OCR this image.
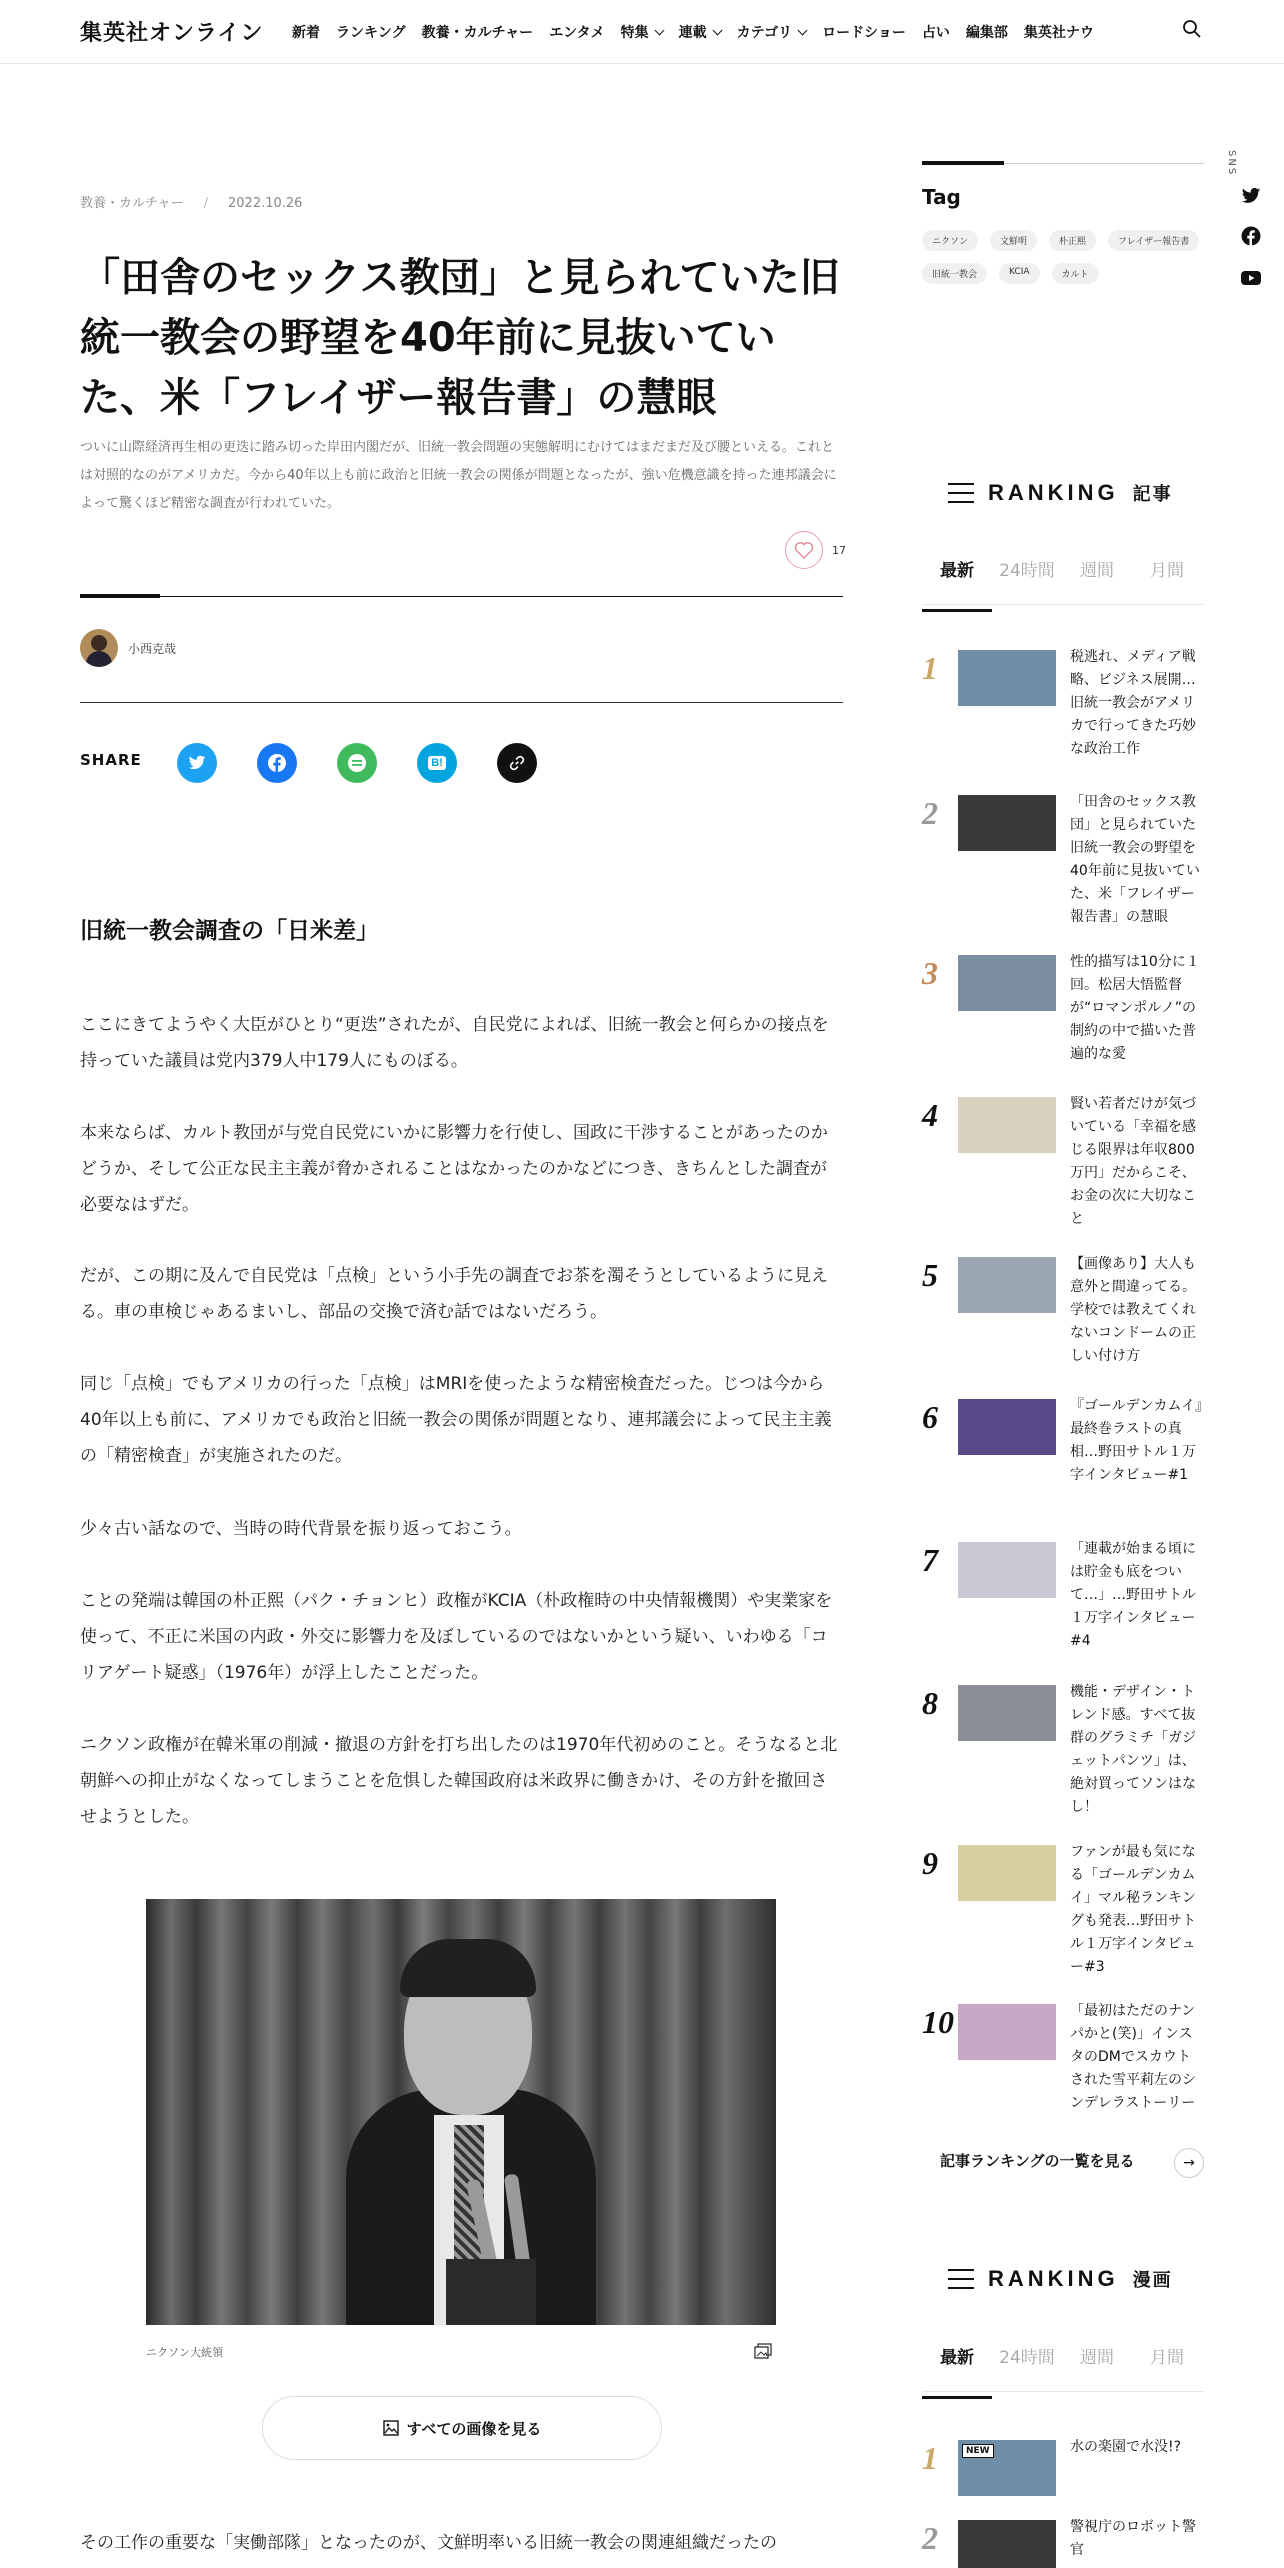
集英社オンライン 新着 ランキング 教養・カルチャー エンタメ 特集 連載 カテゴリ ロードショー 占い 編集部 集英社ナウ
教養・カルチャー / 2022.10.26
「田舎のセックス教団」と見られていた旧統一教会の野望を40年前に見抜いていた、米「フレイザー報告書」の慧眼

ついに山際経済再生相の更迭に踏み切った岸田内閣だが、旧統一教会問題の実態解明にむけてはまだまだ及び腰といえる。これとは対照的なのがアメリカだ。今から40年以上も前に政治と旧統一教会の関係が問題となったが、強い危機意識を持った連邦議会によって驚くほど精密な調査が行われていた。

17
小西克哉
SHARE	B!
旧統一教会調査の「日米差」

ここにきてようやく大臣がひとり“更迭”されたが、自民党によれば、旧統一教会と何らかの接点を持っていた議員は党内379人中179人にものぼる。

本来ならば、カルト教団が与党自民党にいかに影響力を行使し、国政に干渉することがあったのかどうか、そして公正な民主主義が脅かされることはなかったのかなどにつき、きちんとした調査が必要なはずだ。

だが、この期に及んで自民党は「点検」という小手先の調査でお茶を濁そうとしているように見える。車の車検じゃあるまいし、部品の交換で済む話ではないだろう。

同じ「点検」でもアメリカの行った「点検」はMRIを使ったような精密検査だった。じつは今から40年以上も前に、アメリカでも政治と旧統一教会の関係が問題となり、連邦議会によって民主主義の「精密検査」が実施されたのだ。

少々古い話なので、当時の時代背景を振り返っておこう。

ことの発端は韓国の朴正熙（パク・チョンヒ）政権がKCIA（朴政権時の中央情報機関）や実業家を使って、不正に米国の内政・外交に影響力を及ぼしているのではないかという疑い、いわゆる「コリアゲート疑惑」（1976年）が浮上したことだった。

ニクソン政権が在韓米軍の削減・撤退の方針を打ち出したのは1970年代初めのこと。そうなると北朝鮮への抑止がなくなってしまうことを危惧した韓国政府は米政界に働きかけ、その方針を撤回させようとした。

ニクソン大統領
すべての画像を見る

その工作の重要な「実働部隊」となったのが、文鮮明率いる旧統一教会の関連組織だったの

SNS
Tag
ニクソン	文鮮明	朴正熙	フレイザー報告書
旧統一教会	KCIA	カルト
RANKING 記事
最新	24時間	週間	月間
1	税逃れ、メディア戦略、ビジネス展開…旧統一教会がアメリカで行ってきた巧妙な政治工作
2	「田舎のセックス教団」と見られていた旧統一教会の野望を40年前に見抜いていた、米「フレイザー報告書」の慧眼
3	性的描写は10分に１回。松居大悟監督が“ロマンポルノ”の制約の中で描いた普遍的な愛
4	賢い若者だけが気づいている「幸福を感じる限界は年収800万円」だからこそ、お金の次に大切なこと
5	【画像あり】大人も意外と間違ってる。学校では教えてくれないコンドームの正しい付け方
6	『ゴールデンカムイ』最終巻ラストの真相…野田サトル１万字インタビュー#1
7	「連載が始まる頃には貯金も底をついて…」…野田サトル１万字インタビュー#4
8	機能・デザイン・トレンド感。すべて抜群のグラミチ「ガジェットパンツ」は、絶対買ってソンはなし！
9	ファンが最も気になる「ゴールデンカムイ」マル秘ランキングも発表…野田サトル１万字インタビュー#3
10	「最初はただのナンパかと(笑)」インスタのDMでスカウトされた雪平莉左のシンデレラストーリー
記事ランキングの一覧を見る	→
RANKING 漫画
最新	24時間	週間	月間
1	NEW	水の楽園で水没!?
2	警視庁のロボット警官
